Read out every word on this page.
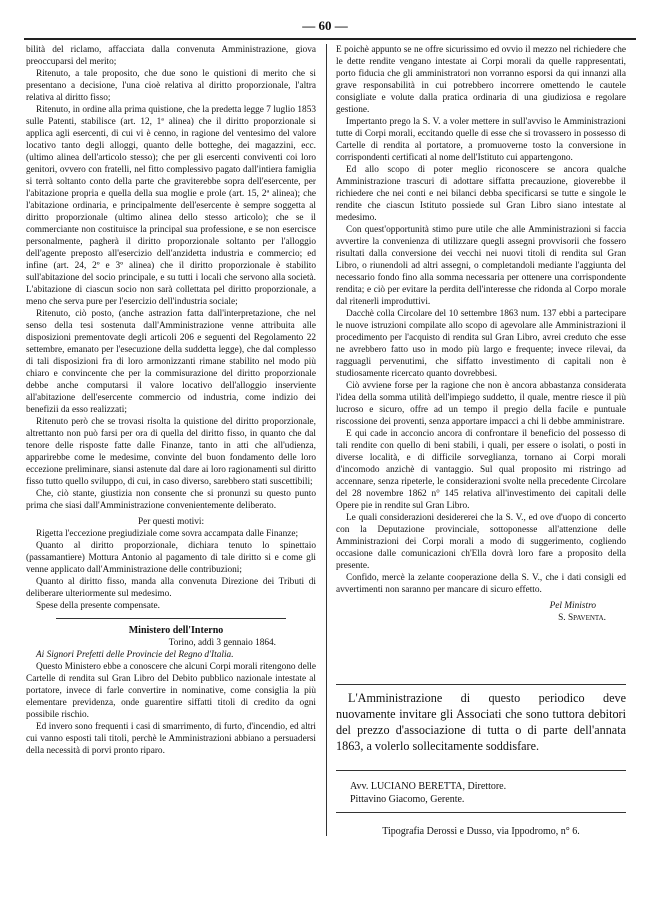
— 60 —

bilità del riclamo, affacciata dalla convenuta Amministrazione, giova preoccuparsi del merito;

Ritenuto, a tale proposito, che due sono le quistioni di merito che si presentano a decisione, l'una cioè relativa al diritto proporzionale, l'altra relativa al diritto fisso;

Ritenuto, in ordine alla prima quistione, che la predetta legge 7 luglio 1853 sulle Patenti, stabilisce (art. 12, 1ª alinea) che il diritto proporzionale si applica agli esercenti, di cui vi è cenno, in ragione del ventesimo del valore locativo tanto degli alloggi, quanto delle botteghe, dei magazzini, ecc. (ultimo alinea dell'articolo stesso); che per gli esercenti conviventi coi loro genitori, ovvero con fratelli, nel fitto complessivo pagato dall'intiera famiglia si terrà soltanto conto della parte che graviterebbe sopra dell'esercente, per l'abitazione propria e quella della sua moglie e prole (art. 15, 2ª alinea); che l'abitazione ordinaria, e principalmente dell'esercente è sempre soggetta al diritto proporzionale (ultimo alinea dello stesso articolo); che se il commerciante non costituisce la principal sua professione, e se non esercisce personalmente, pagherà il diritto proporzionale soltanto per l'alloggio dell'agente preposto all'esercizio dell'anzidetta industria e commercio; ed infine (art. 24, 2º e 3º alinea) che il diritto proporzionale è stabilito sull'abitazione del socio principale, e su tutti i locali che servono alla società. L'abitazione di ciascun socio non sarà collettata pel diritto proporzionale, a meno che serva pure per l'esercizio dell'industria sociale;

Ritenuto, ciò posto, (anche astrazion fatta dall'interpretazione, che nel senso della tesi sostenuta dall'Amministrazione venne attribuita alle disposizioni prementovate degli articoli 206 e seguenti del Regolamento 22 settembre, emanato per l'esecuzione della suddetta legge), che dal complesso di tali disposizioni fra di loro armonizzanti rimane stabilito nel modo più chiaro e convincente che per la commisurazione del diritto proporzionale debbe anche computarsi il valore locativo dell'alloggio inserviente all'abitazione dell'esercente commercio od industria, come indizio dei benefizii da esso realizzati;

Ritenuto però che se trovasi risolta la quistione del diritto proporzionale, altrettanto non può farsi per ora di quella del diritto fisso, in quanto che dal tenore delle risposte fatte dalle Finanze, tanto in atti che all'udienza, apparirebbe come le medesime, convinte del buon fondamento delle loro eccezione preliminare, siansi astenute dal dare ai loro ragionamenti sul diritto fisso tutto quello sviluppo, di cui, in caso diverso, sarebbero stati suscettibili;

Che, ciò stante, giustizia non consente che si pronunzi su questo punto prima che siasi dall'Amministrazione convenientemente deliberato.

Per questi motivi:

Rigetta l'eccezione pregiudiziale come sovra accampata dalle Finanze;

Quanto al diritto proporzionale, dichiara tenuto lo spinettaio (passamantiere) Mottura Antonio al pagamento di tale diritto si e come gli venne applicato dall'Amministrazione delle contribuzioni;

Quanto al diritto fisso, manda alla convenuta Direzione dei Tributi di deliberare ulteriormente sul medesimo.

Spese della presente compensate.

Ministero dell'Interno

Torino, addì 3 gennaio 1864.

Ai Signori Prefetti delle Provincie del Regno d'Italia.

Questo Ministero ebbe a conoscere che alcuni Corpi morali ritengono delle Cartelle di rendita sul Gran Libro del Debito pubblico nazionale intestate al portatore, invece di farle convertire in nominative, come consiglia la più elementare previdenza, onde guarentire siffatti titoli di credito da ogni possibile rischio.

Ed invero sono frequenti i casi di smarrimento, di furto, d'incendio, ed altri cui vanno esposti tali titoli, perchè le Amministrazioni abbiano a persuadersi della necessità di porvi pronto riparo.

E poichè appunto se ne offre sicurissimo ed ovvio il mezzo nel richiedere che le dette rendite vengano intestate ai Corpi morali da quelle rappresentati, porto fiducia che gli amministratori non vorranno esporsi da qui innanzi alla grave responsabilità in cui potrebbero incorrere omettendo le cautele consigliate e volute dalla pratica ordinaria di una giudiziosa e regolare gestione.

Impertanto prego la S. V. a voler mettere in sull'avviso le Amministrazioni tutte di Corpi morali, eccitando quelle di esse che si trovassero in possesso di Cartelle di rendita al portatore, a promuoverne tosto la conversione in corrispondenti certificati al nome dell'Istituto cui appartengono.

Ed allo scopo di poter meglio riconoscere se ancora qualche Amministrazione trascuri di adottare siffatta precauzione, gioverebbe il richiedere che nei conti e nei bilanci debba specificarsi se tutte e singole le rendite che ciascun Istituto possiede sul Gran Libro siano intestate al medesimo.

Con quest'opportunità stimo pure utile che alle Amministrazioni si faccia avvertire la convenienza di utilizzare quegli assegni provvisorii che fossero risultati dalla conversione dei vecchi nei nuovi titoli di rendita sul Gran Libro, o riunendoli ad altri assegni, o completandoli mediante l'aggiunta del necessario fondo fino alla somma necessaria per ottenere una corrispondente rendita; e ciò per evitare la perdita dell'interesse che ridonda al Corpo morale dal ritenerli improduttivi.

Dacchè colla Circolare del 10 settembre 1863 num. 137 ebbi a partecipare le nuove istruzioni compilate allo scopo di agevolare alle Amministrazioni il procedimento per l'acquisto di rendita sul Gran Libro, avrei creduto che esse ne avrebbero fatto uso in modo più largo e frequente; invece rilevai, da ragguagli pervenutimi, che siffatto investimento di capitali non è studiosamente ricercato quanto dovrebbesi.

Ciò avviene forse per la ragione che non è ancora abbastanza considerata l'idea della somma utilità dell'impiego suddetto, il quale, mentre riesce il più lucroso e sicuro, offre ad un tempo il pregio della facile e puntuale riscossione dei proventi, senza apportare impacci a chi li debbe amministrare.

E qui cade in acconcio ancora di confrontare il beneficio del possesso di tali rendite con quello di beni stabili, i quali, per essere o isolati, o posti in diverse località, e di difficile sorveglianza, tornano ai Corpi morali d'incomodo anzichè di vantaggio. Sul qual proposito mi ristringo ad accennare, senza ripeterle, le considerazioni svolte nella precedente Circolare del 28 novembre 1862 n° 145 relativa all'investimento dei capitali delle Opere pie in rendite sul Gran Libro.

Le quali considerazioni desidererei che la S. V., ed ove d'uopo di concerto con la Deputazione provinciale, sottoponesse all'attenzione delle Amministrazioni dei Corpi morali a modo di suggerimento, cogliendo occasione dalle comunicazioni ch'Ella dovrà loro fare a proposito della presente.

Confido, mercè la zelante cooperazione della S. V., che i dati consigli ed avvertimenti non saranno per mancare di sicuro effetto.

Pel Ministro

S. Spaventa.

L'Amministrazione di questo periodico deve nuovamente invitare gli Associati che sono tuttora debitori del prezzo d'associazione di tutta o di parte dell'annata 1863, a volerlo sollecitamente soddisfare.

Avv. LUCIANO BERETTA, Direttore.
Pittavino Giacomo, Gerente.
Tipografia Derossi e Dusso, via Ippodromo, n° 6.
